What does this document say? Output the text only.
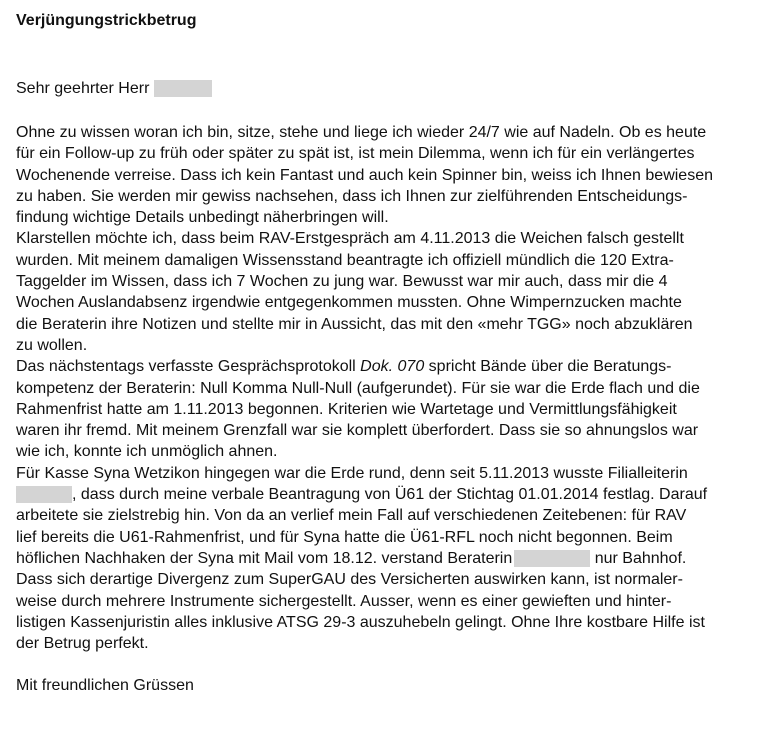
Verjüngungstrickbetrug
Sehr geehrter Herr
Ohne zu wissen woran ich bin, sitze, stehe und liege ich wieder 24/7 wie auf Nadeln. Ob es heute
für ein Follow-up zu früh oder später zu spät ist, ist mein Dilemma, wenn ich für ein verlängertes
Wochenende verreise. Dass ich kein Fantast und auch kein Spinner bin, weiss ich Ihnen bewiesen
zu haben. Sie werden mir gewiss nachsehen, dass ich Ihnen zur zielführenden Entscheidungs-
findung wichtige Details unbedingt näherbringen will.
Klarstellen möchte ich, dass beim RAV-Erstgespräch am 4.11.2013 die Weichen falsch gestellt
wurden. Mit meinem damaligen Wissensstand beantragte ich offiziell mündlich die 120 Extra-
Taggelder im Wissen, dass ich 7 Wochen zu jung war. Bewusst war mir auch, dass mir die 4
Wochen Auslandabsenz irgendwie entgegenkommen mussten. Ohne Wimpernzucken machte
die Beraterin ihre Notizen und stellte mir in Aussicht, das mit den «mehr TGG» noch abzuklären
zu wollen.
Das nächstentags verfasste Gesprächsprotokoll Dok. 070 spricht Bände über die Beratungs-
kompetenz der Beraterin: Null Komma Null-Null (aufgerundet). Für sie war die Erde flach und die
Rahmenfrist hatte am 1.11.2013 begonnen. Kriterien wie Wartetage und Vermittlungsfähigkeit
waren ihr fremd. Mit meinem Grenzfall war sie komplett überfordert. Dass sie so ahnungslos war
wie ich, konnte ich unmöglich ahnen.
Für Kasse Syna Wetzikon hingegen war die Erde rund, denn seit 5.11.2013 wusste Filialleiterin
, dass durch meine verbale Beantragung von Ü61 der Stichtag 01.01.2014 festlag. Darauf
arbeitete sie zielstrebig hin. Von da an verlief mein Fall auf verschiedenen Zeitebenen: für RAV
lief bereits die U61-Rahmenfrist, und für Syna hatte die Ü61-RFL noch nicht begonnen. Beim
höflichen Nachhaken der Syna mit Mail vom 18.12. verstand Beraterin	nur Bahnhof.
Dass sich derartige Divergenz zum SuperGAU des Versicherten auswirken kann, ist normaler-
weise durch mehrere Instrumente sichergestellt. Ausser, wenn es einer gewieften und hinter-
listigen Kassenjuristin alles inklusive ATSG 29-3 auszuhebeln gelingt. Ohne Ihre kostbare Hilfe ist
der Betrug perfekt.
Mit freundlichen Grüssen
